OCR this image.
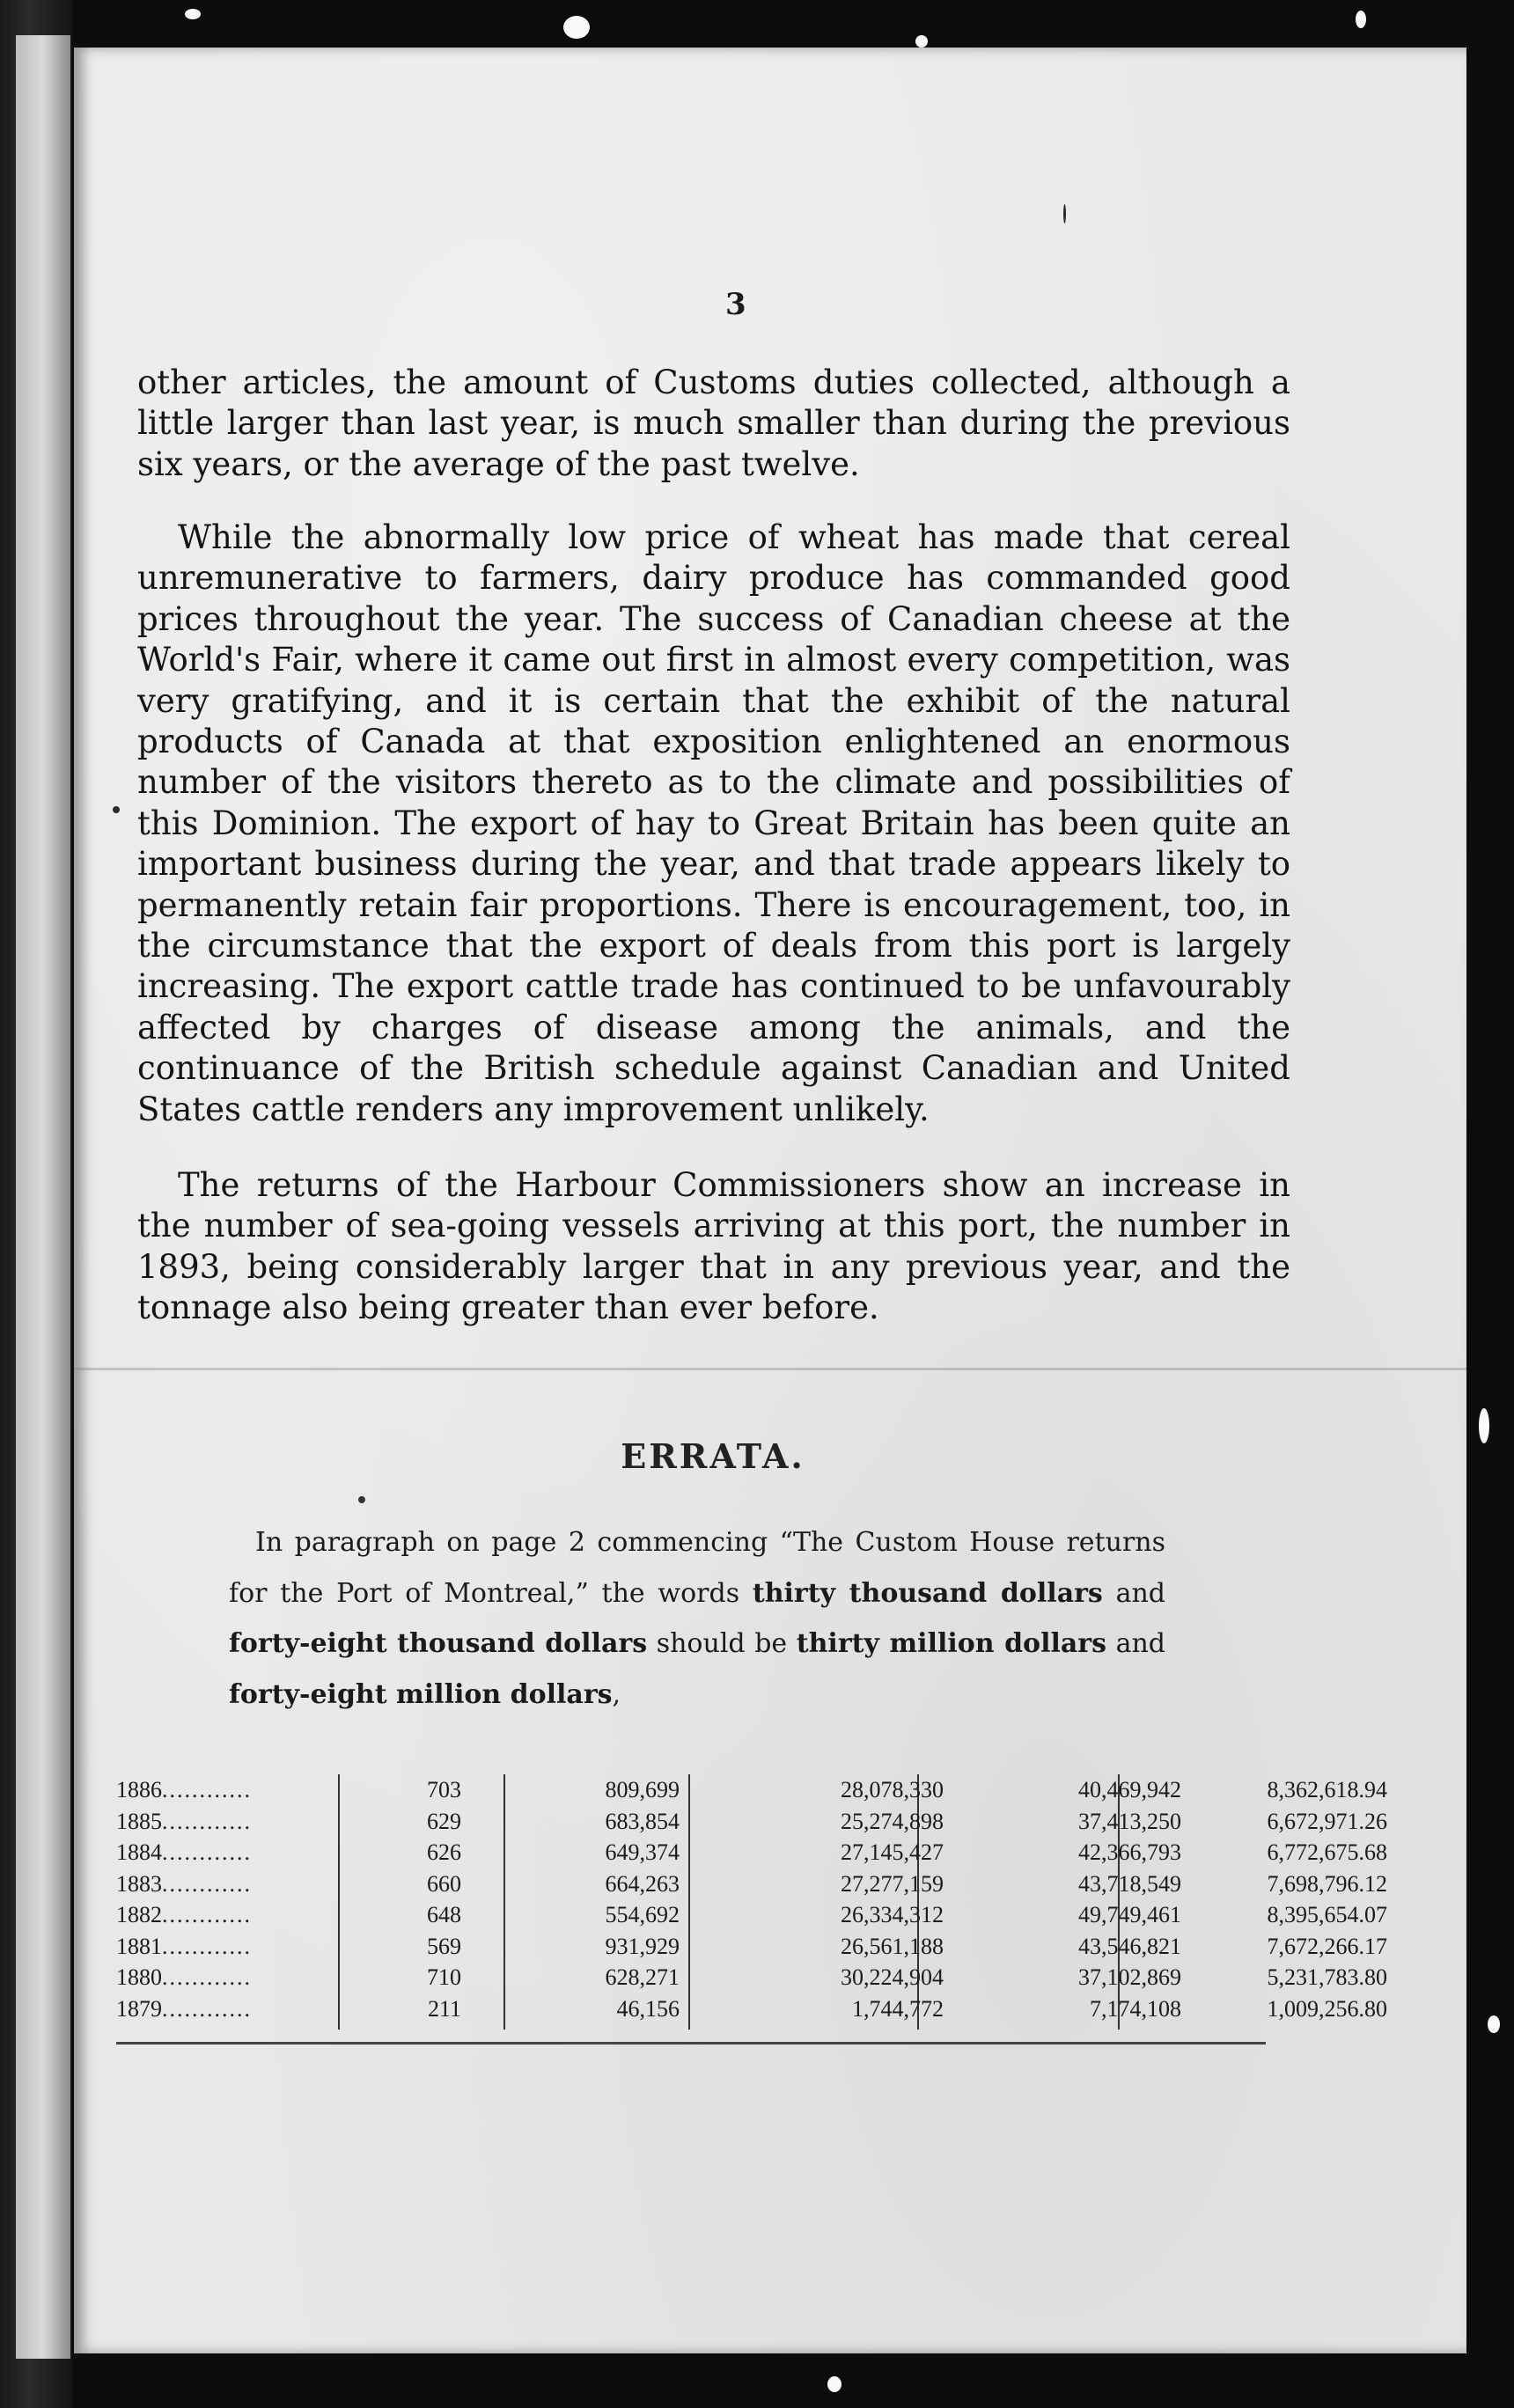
3

other articles, the amount of Customs duties collected, although a little larger than last year, is much smaller than during the previous six years, or the average of the past twelve.

While the abnormally low price of wheat has made that cereal unremunerative to farmers, dairy produce has commanded good prices throughout the year. The success of Canadian cheese at the World's Fair, where it came out first in almost every competition, was very gratifying, and it is certain that the exhibit of the natural products of Canada at that exposition enlightened an enormous number of the visitors thereto as to the climate and possibilities of this Dominion. The export of hay to Great Britain has been quite an important business during the year, and that trade appears likely to permanently retain fair proportions. There is encouragement, too, in the circumstance that the export of deals from this port is largely increasing. The export cattle trade has continued to be unfavourably affected by charges of disease among the animals, and the continuance of the British schedule against Canadian and United States cattle renders any improvement unlikely.

The returns of the Harbour Commissioners show an increase in the number of sea-going vessels arriving at this port, the number in 1893, being considerably larger that in any previous year, and the tonnage also being greater than ever before.

ERRATA.

In paragraph on page 2 commencing “The Custom House returns for the Port of Montreal,” the words thirty thousand dollars and forty-eight thousand dollars should be thirty million dollars and forty-eight million dollars,

1886............	703	809,699	28,078,330	40,469,942	8,362,618.94
1885............	629	683,854	25,274,898	37,413,250	6,672,971.26
1884............	626	649,374	27,145,427	42,366,793	6,772,675.68
1883............	660	664,263	27,277,159	43,718,549	7,698,796.12
1882............	648	554,692	26,334,312	49,749,461	8,395,654.07
1881............	569	931,929	26,561,188	43,546,821	7,672,266.17
1880............	710	628,271	30,224,904	37,102,869	5,231,783.80
1879............	211	46,156	1,744,772	7,174,108	1,009,256.80
